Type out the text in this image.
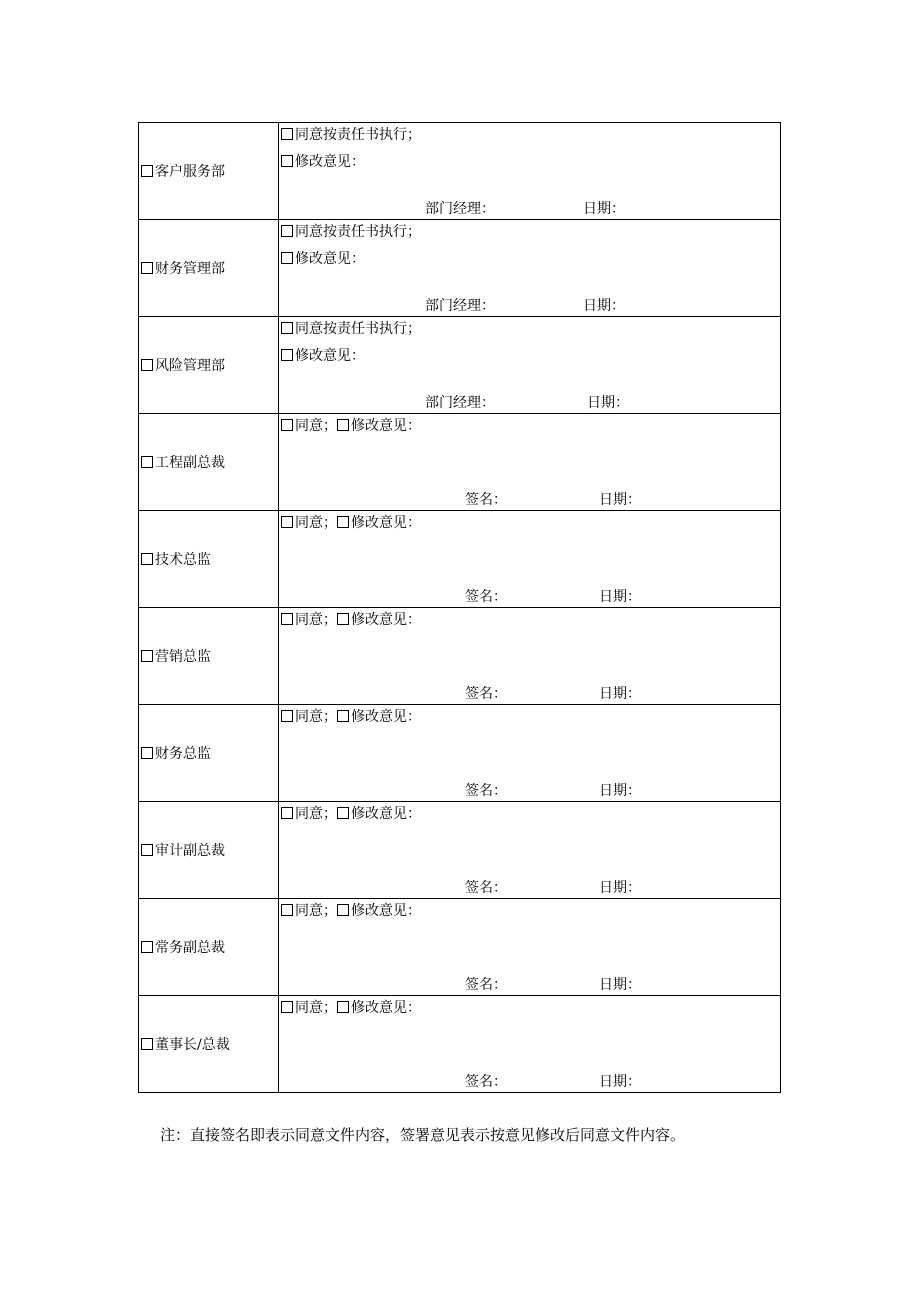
客户服务部	同意按责任书执行；
修改意见：
部门经理： 日期：

财务管理部	同意按责任书执行；
修改意见：
部门经理： 日期：

风险管理部	同意按责任书执行；
修改意见：
部门经理： 日期：

工程副总裁	同意； 修改意见：
签名： 日期：

技术总监	同意； 修改意见：
签名： 日期：

营销总监	同意； 修改意见：
签名： 日期：

财务总监	同意； 修改意见：
签名： 日期：

审计副总裁	同意； 修改意见：
签名： 日期：

常务副总裁	同意； 修改意见：
签名： 日期：

董事长/总裁	同意； 修改意见：
签名： 日期：
注：直接签名即表示同意文件内容，签署意见表示按意见修改后同意文件内容。
